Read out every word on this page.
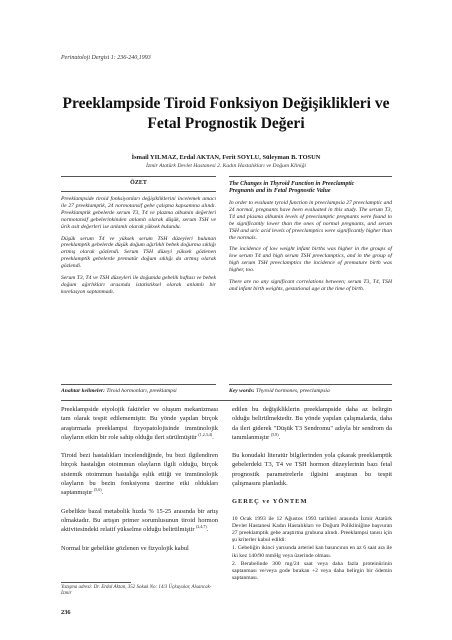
Perinatoloji Dergisi 1: 236-240,1993
Preeklampside Tiroid Fonksiyon Değişiklikleri ve
Fetal Prognostik Değeri
İsmail YILMAZ, Erdal AKTAN, Ferit SOYLU, Süleyman B. TOSUN
İzmir Atatürk Devlet Hastanesi 2. Kadın Hastalıkları ve Doğum Kliniği
ÖZET

Preeklampside tiroid fonksiyonları değişikliklerini incelemek amacı ile 27 preeklamptik, 24 normotansif gebe çalışma kapsamına alındı. Preeklamptik gebelerde serum T3, T4 ve plazma albumin değerleri normotansif gebelerinkinden anlamlı olarak düşük, serum TSH ve ürik asit değerleri ise anlamlı olarak yüksek bulundu.

Düşük serum T4 ve yüksek serum TSH düzeyleri bulunan preeklamptik gebelerde düşük doğum ağırlıklı bebek doğurma sıklığı artmış olarak gözlendi. Serum TSH düzeyi yüksek gözlenen preeklamptik gebelerde prematür doğum sıklığı da artmış olarak gözlendi.

Serum T3, T4 ve TSH düzeyleri ile doğumda gebelik haftası ve bebek doğum ağırlıkları arasında istatistiksel olarak anlamlı bir korelasyon saptanmadı.

Anahtar kelimeler: Tiroid hormonları, preeklampsi
The Changes in Thyroid Function in Preeclamptic
Pregnants and its Fetal Prognostic Value

In order to evaluate tyroid function in preeclampsia 27 preeclamptic and 24 normal, pregnants have been evaluated in this study. The serum T3, T4 and plasma albumin levels of preeclamptic pregnants were found to be significantly lower than the ones of normal pregnants, and serum TSH and uric acid levels of preeclamptics were significantly higher than the normals.

The incidence of low weight infant births was higher in the groups of low serum T4 and high serum TSH preeclamptics, and in the group of high serum TSH preeclamptics the incidence of premature birth was higher, too.

There are no any significant correlations between; serum T3, T4, TSH and infant birth weights, gestational age at the time of birth.

Key words: Thyroid hormones, preeclampsia

Preeklampside etyolojik faktörler ve oluşum mekanizması tam olarak tespit edilememiştir. Bu yönde yapılan birçok araştırmada preeklampsi fizyopatolojisinde immünolojik olayların etkin bir role sahip olduğu ileri sürülmüştür $^{(1,2,3,4)}$.

Tiroid bezi hastalıkları incelendiğinde, bu bezi ilgilendiren birçok hastalığın otoimmun olayların ilgili olduğu, birçok sistemik otoimmun hastalığa eşlik ettiği ve immünolojik olayların bu bezin fonksiyonu üzerine etki oldukları saptanmıştır $^{(5,6)}$.

Gebelikte bazal metabolik hızda % 15-25 arasında bir artış olmaktadır. Bu artışın primer sorumlusunun tiroid hormon aktivitesindeki relatif yükselme olduğu belirtilmiştir $^{(2,4,7)}$.

Normal bir gebelikte gözlenen ve fizyolojik kabul

Yazışma adresi: Dr. Erdal Aktan, 352 Sokak No: 14/3 Üçkuyular, Alsancak-İzmir
236

edilen bu değişikliklerin preeklampside daha az belirgin olduğu belirtilmektedir. Bu yönde yapılan çalışmalarda, daha da ileri giderek "Düşük T3 Sendromu" adıyla bir sendrom da tanımlanmıştır $^{(5,8)}$.

Bu konudaki literatür bilgilerinden yola çıkarak preeklamptik gebelerdeki T3, T4 ve TSH hormon düzeylerinin bazı fetal prognostik parametrelerle ilgisini araştıran bu tespit çalışmasını planladık.

GEREÇ ve YÖNTEM

10 Ocak 1993 ile 12 Ağustos 1993 tarihleri arasında İzmir Atatürk Devlet Hastanesi Kadın Hastalıkları ve Doğum Polikliniğine başvuran 27 preeklamptik gebe araştırma grubuna alındı. Preeklampsi tanısı için şu kriterler kabul edildi:

1. Gebeliğin ikinci yarısında arteriel kan basıncının en az 6 saat ara ile iki kez 140/90 mmHg veya üzerinde olması.

2. Berabelinde 300 mg/24 saat veya daha fazla proteinürinin saptanması ve/veya gode bırakan +2 veya daha belirgin bir ödemin saptanması.
